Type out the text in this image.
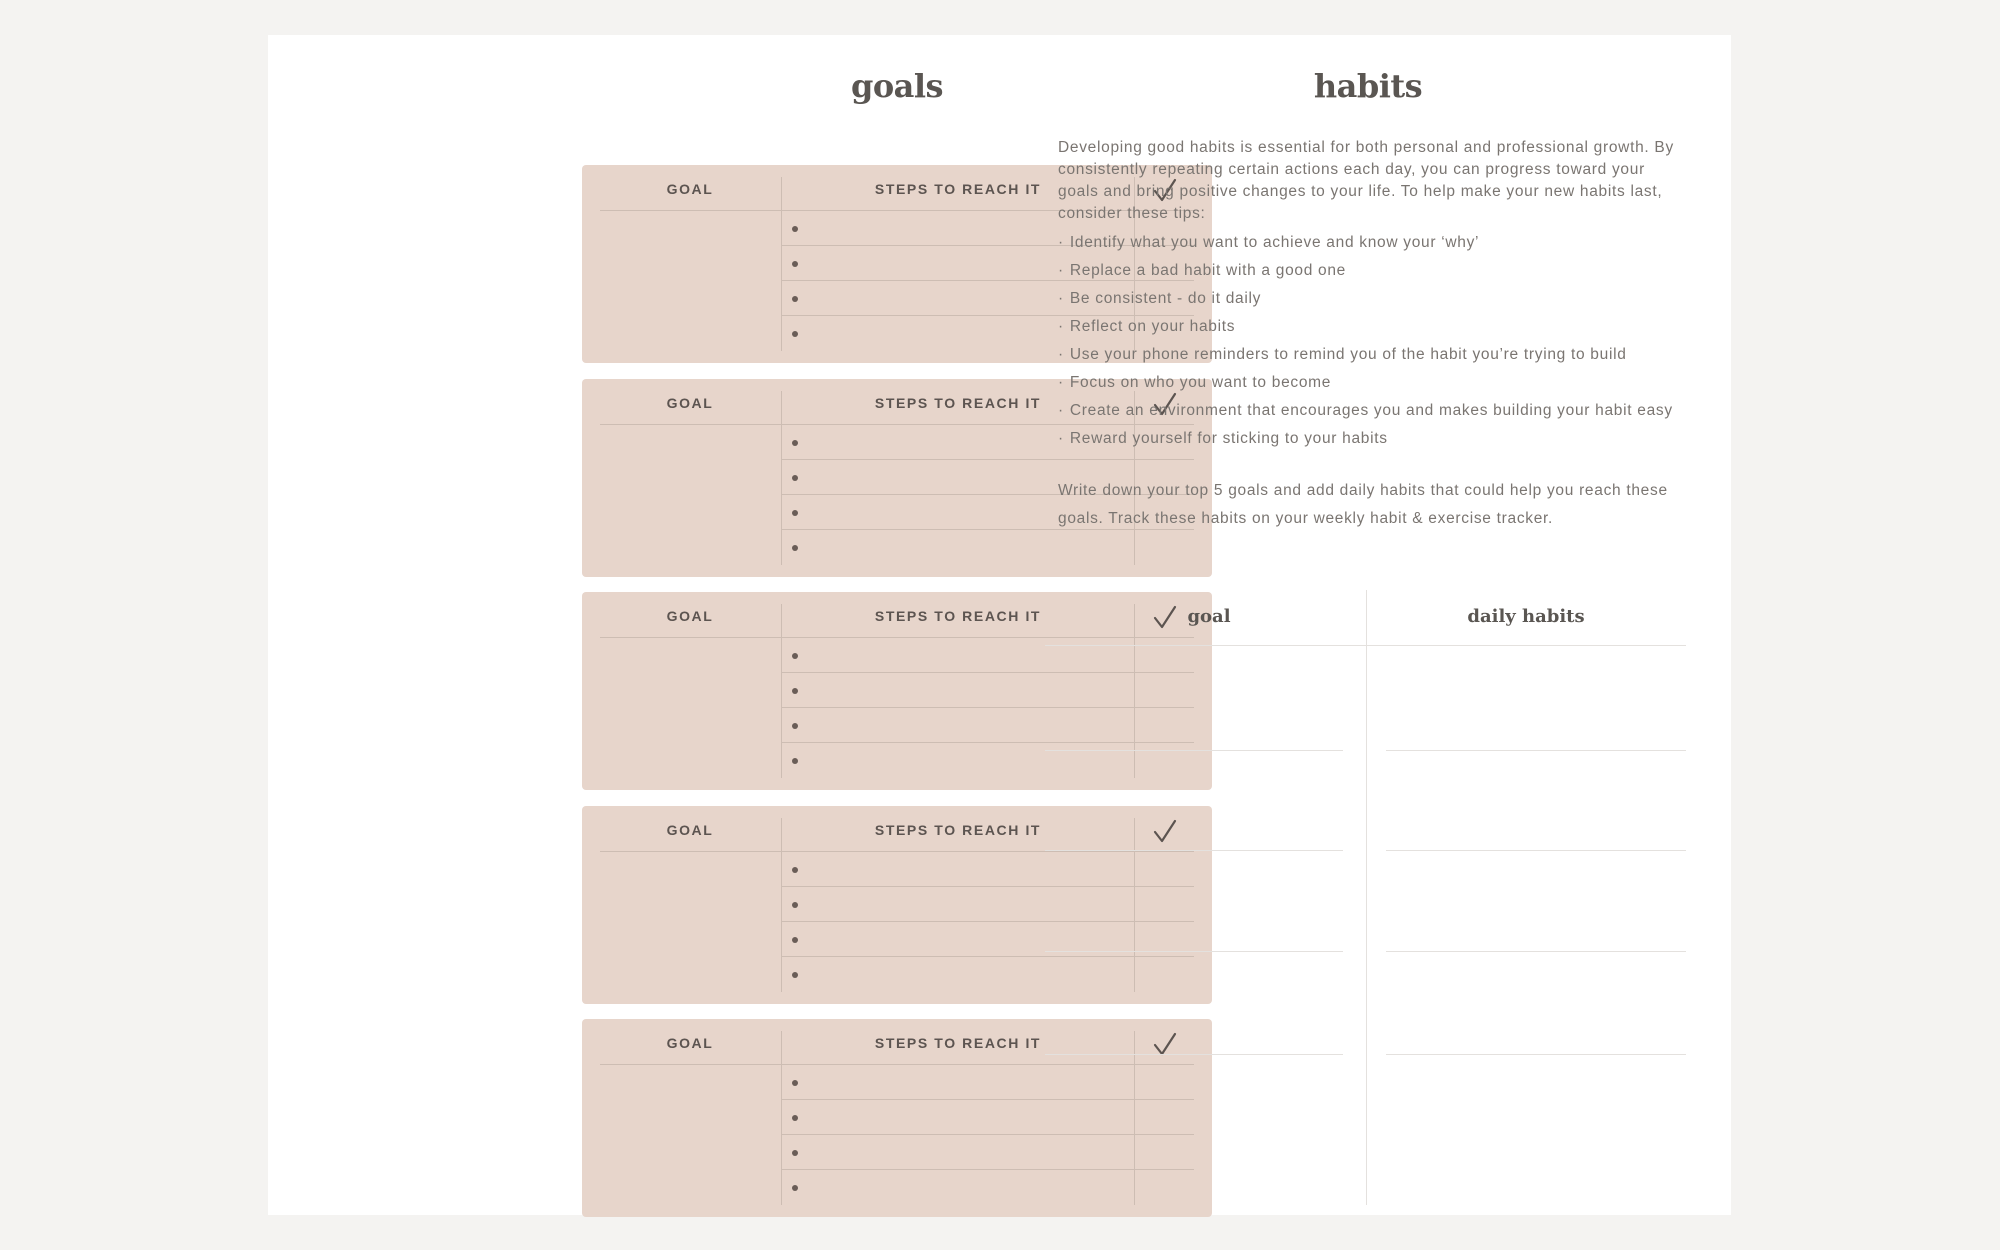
goals
GOAL	STEPS TO REACH IT
GOAL	STEPS TO REACH IT
GOAL	STEPS TO REACH IT
GOAL	STEPS TO REACH IT
GOAL	STEPS TO REACH IT
habits

Developing good habits is essential for both personal and professional growth. By consistently repeating certain actions each day, you can progress toward your goals and bring positive changes to your life. To help make your new habits last, consider these tips:

· Identify what you want to achieve and know your ‘why’
· Replace a bad habit with a good one
· Be consistent - do it daily
· Reflect on your habits
· Use your phone reminders to remind you of the habit you’re trying to build
· Focus on who you want to become
· Create an environment that encourages you and makes building your habit easy
· Reward yourself for sticking to your habits

Write down your top 5 goals and add daily habits that could help you reach these goals. Track these habits on your weekly habit & exercise tracker.

goal	daily habits
